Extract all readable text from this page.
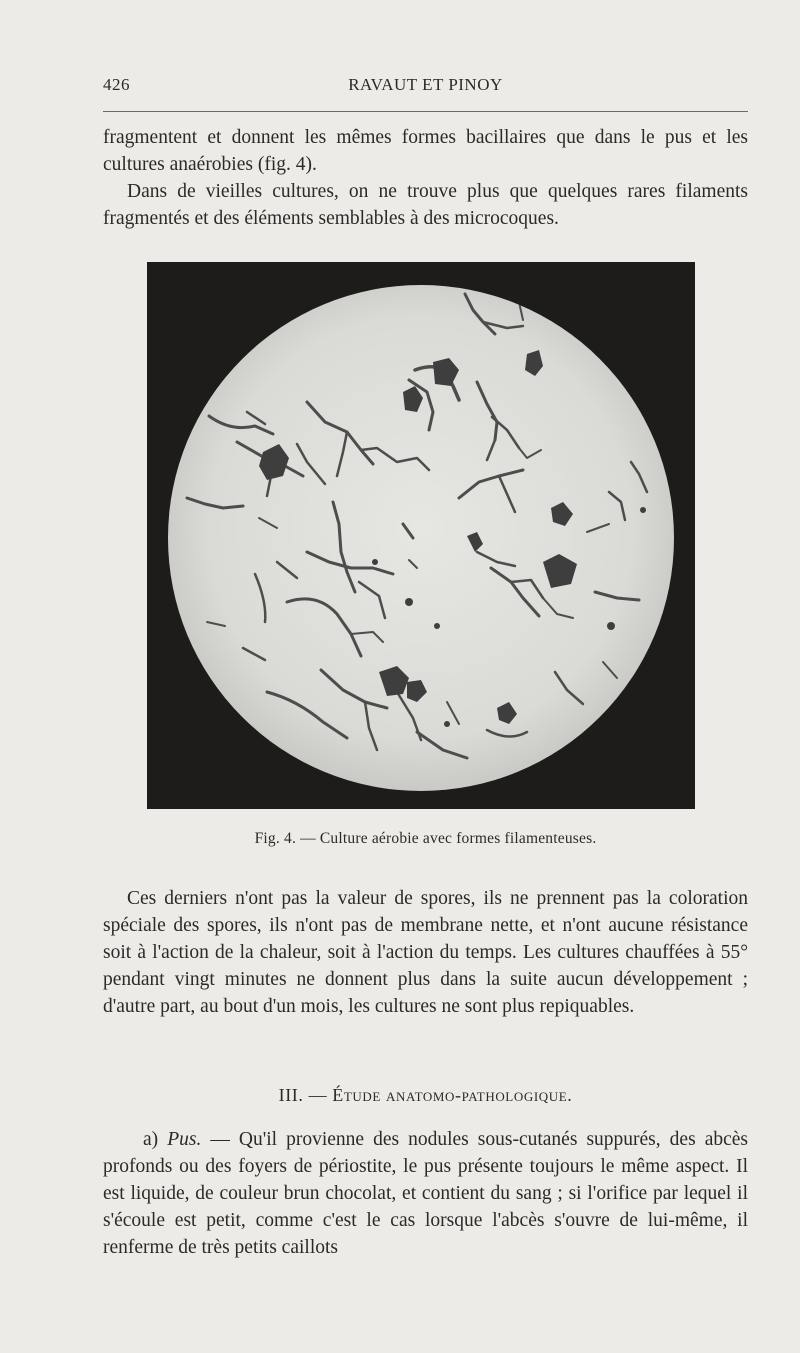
426	RAVAUT ET PINOY

fragmentent et donnent les mêmes formes bacillaires que dans le pus et les cultures anaérobies (fig. 4).

Dans de vieilles cultures, on ne trouve plus que quelques rares filaments fragmentés et des éléments semblables à des microcoques.

Fig. 4. — Culture aérobie avec formes filamenteuses.

Ces derniers n'ont pas la valeur de spores, ils ne prennent pas la coloration spéciale des spores, ils n'ont pas de membrane nette, et n'ont aucune résistance soit à l'action de la chaleur, soit à l'action du temps. Les cultures chauffées à 55° pendant vingt minutes ne donnent plus dans la suite aucun développement ; d'autre part, au bout d'un mois, les cultures ne sont plus repiquables.

III. — Étude anatomo-pathologique.

a) Pus. — Qu'il provienne des nodules sous-cutanés suppurés, des abcès profonds ou des foyers de périostite, le pus présente toujours le même aspect. Il est liquide, de couleur brun chocolat, et contient du sang ; si l'orifice par lequel il s'écoule est petit, comme c'est le cas lorsque l'abcès s'ouvre de lui-même, il renferme de très petits caillots
